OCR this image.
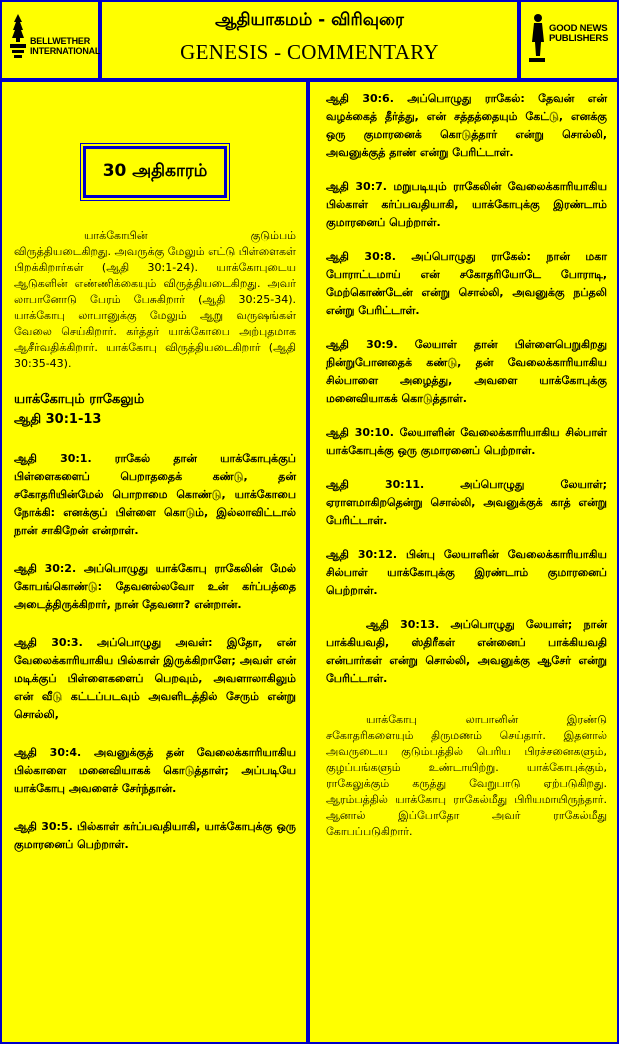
BELLWETHER INTERNATIONAL
ஆதியாகமம் - விரிவுரை
GENESIS - COMMENTARY
GOOD NEWS PUBLISHERS
30 அதிகாரம்
யாக்கோபின் குடும்பம் விருத்தியடைகிறது. அவருக்கு மேலும் எட்டு பிள்ளைகள் பிறக்கிறார்கள் (ஆதி 30:1-24). யாக்கோபுடைய ஆடுகளின் எண்ணிக்கையும் விருத்தியடைகிறது. அவர் லாபானோடு பேரம் பேசுகிறார் (ஆதி 30:25-34). யாக்கோபு லாபானுக்கு மேலும் ஆறு வருஷங்கள் வேலை செய்கிறார். கர்த்தர் யாக்கோபை அற்புதமாக ஆசீர்வதிக்கிறார். யாக்கோபு விருத்தியடைகிறார் (ஆதி 30:35-43).
யாக்கோபும் ராகேலும்
ஆதி 30:1-13
ஆதி 30:1. ராகேல் தான் யாக்கோபுக்குப் பிள்ளைகளைப் பெறாததைக் கண்டு, தன் சகோதரியின்மேல் பொறாமை கொண்டு, யாக்கோபை நோக்கி: எனக்குப் பிள்ளை கொடும், இல்லாவிட்டால் நான் சாகிறேன் என்றாள்.
ஆதி 30:2. அப்பொழுது யாக்கோபு ராகேலின் மேல் கோபங்கொண்டு: தேவனல்லவோ உன் கர்ப்பத்தை அடைத்திருக்கிறார், நான் தேவனா? என்றான்.
ஆதி 30:3. அப்பொழுது அவள்: இதோ, என் வேலைக்காரியாகிய பில்காள் இருக்கிறாளே; அவள் என் மடிக்குப் பிள்ளைகளைப் பெறவும், அவளாலாகிலும் என் வீடு கட்டப்படவும் அவளிடத்தில் சேரும் என்று சொல்லி,
ஆதி 30:4. அவனுக்குத் தன் வேலைக்காரியாகிய பில்காளை மனைவியாகக் கொடுத்தாள்; அப்படியே யாக்கோபு அவளைச் சேர்ந்தான்.
ஆதி 30:5. பில்காள் கர்ப்பவதியாகி, யாக்கோபுக்கு ஒரு குமாரனைப் பெற்றாள்.
ஆதி 30:6. அப்பொழுது ராகேல்: தேவன் என் வழக்கைத் தீர்த்து, என் சத்தத்தையும் கேட்டு, எனக்கு ஒரு குமாரனைக் கொடுத்தார் என்று சொல்லி, அவனுக்குத் தாண் என்று பேரிட்டாள்.
ஆதி 30:7. மறுபடியும் ராகேலின் வேலைக்காரியாகிய பில்காள் கர்ப்பவதியாகி, யாக்கோபுக்கு இரண்டாம் குமாரனைப் பெற்றாள்.
ஆதி 30:8. அப்பொழுது ராகேல்: நான் மகா போராட்டமாய் என் சகோதரியோடே போராடி, மேற்கொண்டேன் என்று சொல்லி, அவனுக்கு நப்தலி என்று பேரிட்டாள்.
ஆதி 30:9. லேயாள் தான் பிள்ளைபெறுகிறது நின்றுபோனதைக் கண்டு, தன் வேலைக்காரியாகிய சில்பாளை அழைத்து, அவளை யாக்கோபுக்கு மனைவியாகக் கொடுத்தாள்.
ஆதி 30:10. லேயாளின் வேலைக்காரியாகிய சில்பாள் யாக்கோபுக்கு ஒரு குமாரனைப் பெற்றாள்.
ஆதி 30:11. அப்பொழுது லேயாள்; ஏராளமாகிறதென்று சொல்லி, அவனுக்குக் காத் என்று பேரிட்டாள்.
ஆதி 30:12. பின்பு லேயாளின் வேலைக்காரியாகிய சில்பாள் யாக்கோபுக்கு இரண்டாம் குமாரனைப் பெற்றாள்.
ஆதி 30:13. அப்பொழுது லேயாள்; நான் பாக்கியவதி, ஸ்திரீகள் என்னைப் பாக்கியவதி என்பார்கள் என்று சொல்லி, அவனுக்கு ஆசேர் என்று பேரிட்டாள்.
யாக்கோபு லாபானின் இரண்டு சகோதரிகளையும் திருமணம் செய்தார். இதனால் அவருடைய குடும்பத்தில் பெரிய பிரச்சனைகளும், குழப்பங்களும் உண்டாயிற்று. யாக்கோபுக்கும், ராகேலுக்கும் கருத்து வேறுபாடு ஏற்படுகிறது. ஆரம்பத்தில் யாக்கோபு ராகேல்மீது பிரியமாயிருந்தார். ஆனால் இப்போதோ அவர் ராகேல்மீது கோபப்படுகிறார்.
